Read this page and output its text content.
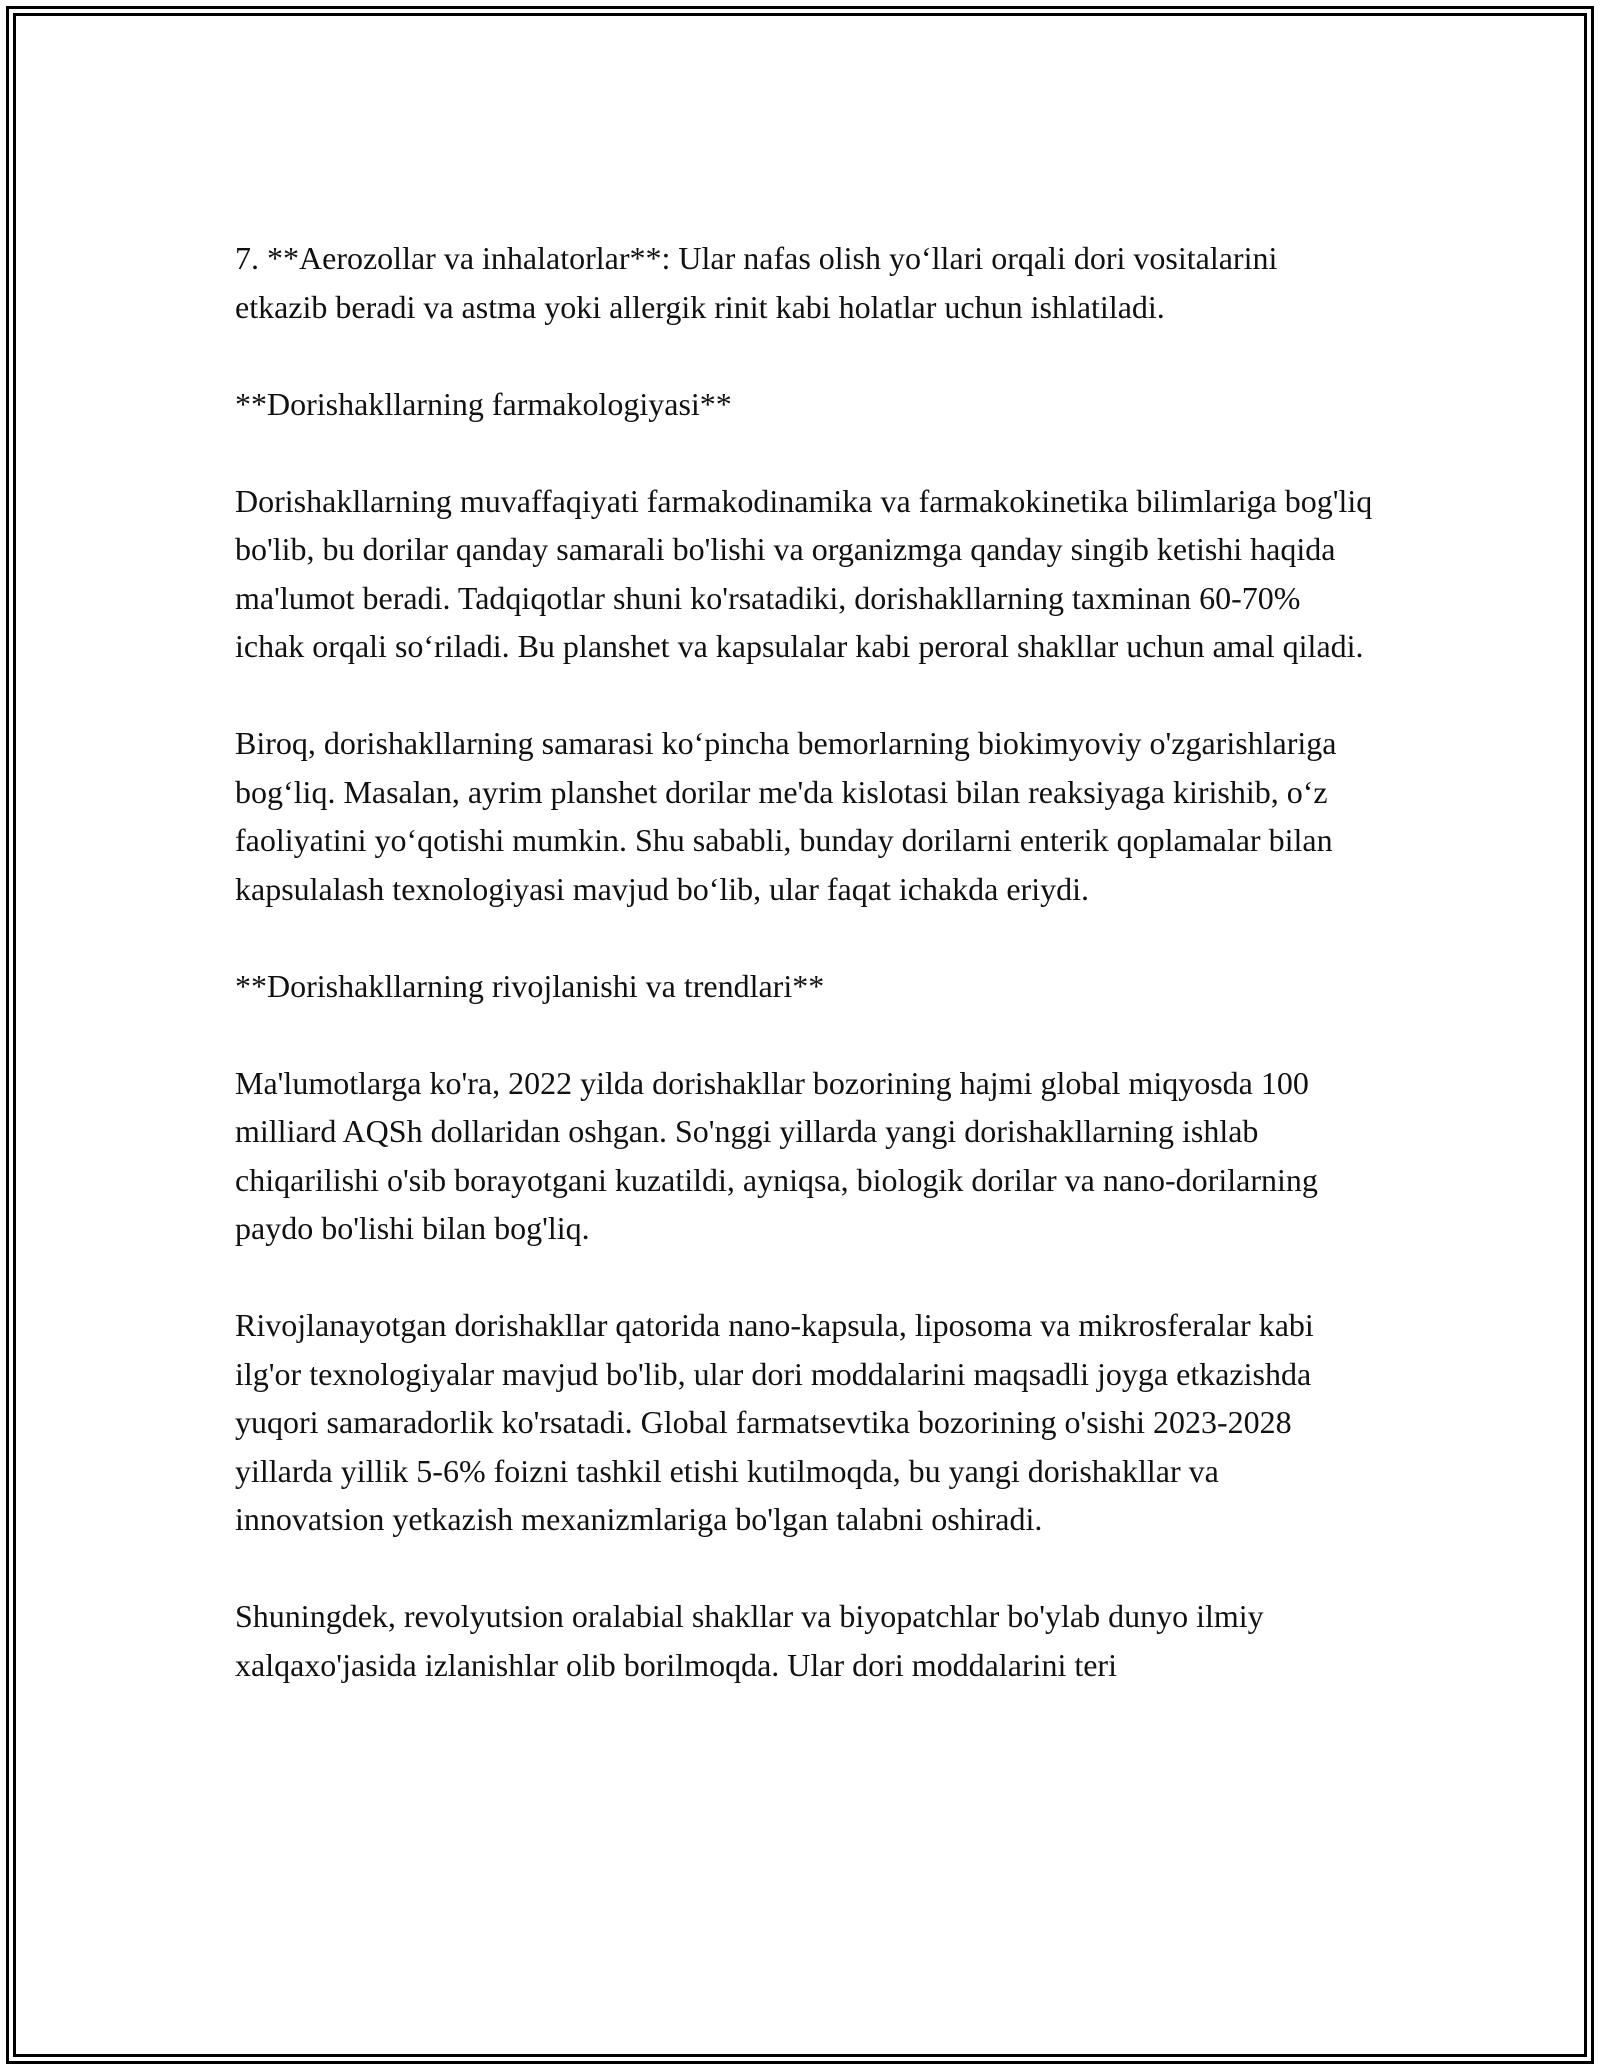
7. **Aerozollar va inhalatorlar**: Ular nafas olish yo‘llari orqali dori vositalarini etkazib beradi va astma yoki allergik rinit kabi holatlar uchun ishlatiladi.

**Dorishakllarning farmakologiyasi**

Dorishakllarning muvaffaqiyati farmakodinamika va farmakokinetika bilimlariga bog'liq bo'lib, bu dorilar qanday samarali bo'lishi va organizmga qanday singib ketishi haqida ma'lumot beradi. Tadqiqotlar shuni ko'rsatadiki, dorishakllarning taxminan 60-70% ichak orqali so‘riladi. Bu planshet va kapsulalar kabi peroral shakllar uchun amal qiladi.

Biroq, dorishakllarning samarasi ko‘pincha bemorlarning biokimyoviy o'zgarishlariga bog‘liq. Masalan, ayrim planshet dorilar me'da kislotasi bilan reaksiyaga kirishib, o‘z faoliyatini yo‘qotishi mumkin. Shu sababli, bunday dorilarni enterik qoplamalar bilan kapsulalash texnologiyasi mavjud bo‘lib, ular faqat ichakda eriydi.

**Dorishakllarning rivojlanishi va trendlari**

Ma'lumotlarga ko'ra, 2022 yilda dorishakllar bozorining hajmi global miqyosda 100 milliard AQSh dollaridan oshgan. So'nggi yillarda yangi dorishakllarning ishlab chiqarilishi o'sib borayotgani kuzatildi, ayniqsa, biologik dorilar va nano-dorilarning paydo bo'lishi bilan bog'liq.

Rivojlanayotgan dorishakllar qatorida nano-kapsula, liposoma va mikrosferalar kabi ilg'or texnologiyalar mavjud bo'lib, ular dori moddalarini maqsadli joyga etkazishda yuqori samaradorlik ko'rsatadi. Global farmatsevtika bozorining o'sishi 2023-2028 yillarda yillik 5-6% foizni tashkil etishi kutilmoqda, bu yangi dorishakllar va innovatsion yetkazish mexanizmlariga bo'lgan talabni oshiradi.

Shuningdek, revolyutsion oralabial shakllar va biyopatchlar bo'ylab dunyo ilmiy xalqaxo'jasida izlanishlar olib borilmoqda. Ular dori moddalarini teri
